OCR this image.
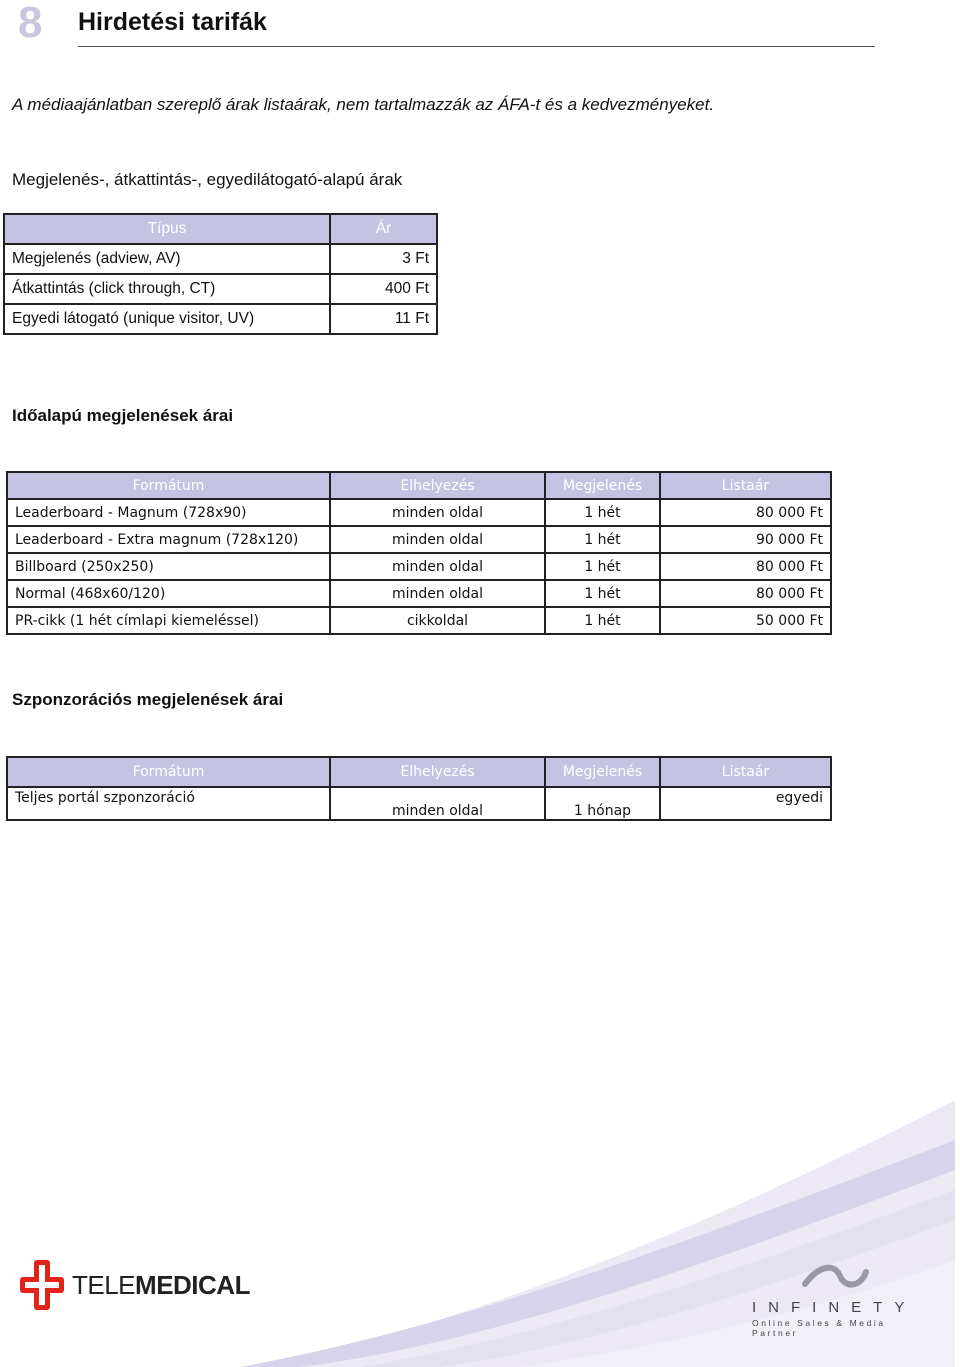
8 Hirdetési tarifák
A médiaajánlatban szereplő árak listaárak, nem tartalmazzák az ÁFA-t és a kedvezményeket.
Megjelenés-, átkattintás-, egyedilátogató-alapú árak
Típus	Ár
Megjelenés (adview, AV)	3 Ft
Átkattintás (click through, CT)	400 Ft
Egyedi látogató (unique visitor, UV)	11 Ft
Időalapú megjelenések árai
Formátum	Elhelyezés	Megjelenés	Listaár
Leaderboard - Magnum (728x90)	minden oldal	1 hét	80 000 Ft
Leaderboard - Extra magnum (728x120)	minden oldal	1 hét	90 000 Ft
Billboard (250x250)	minden oldal	1 hét	80 000 Ft
Normal (468x60/120)	minden oldal	1 hét	80 000 Ft
PR-cikk (1 hét címlapi kiemeléssel)	cikkoldal	1 hét	50 000 Ft
Szponzorációs megjelenések árai
Formátum	Elhelyezés	Megjelenés	Listaár
Teljes portál szponzoráció	minden oldal	1 hónap	egyedi
TELEMEDICAL
INFINETY
Online Sales & Media Partner
